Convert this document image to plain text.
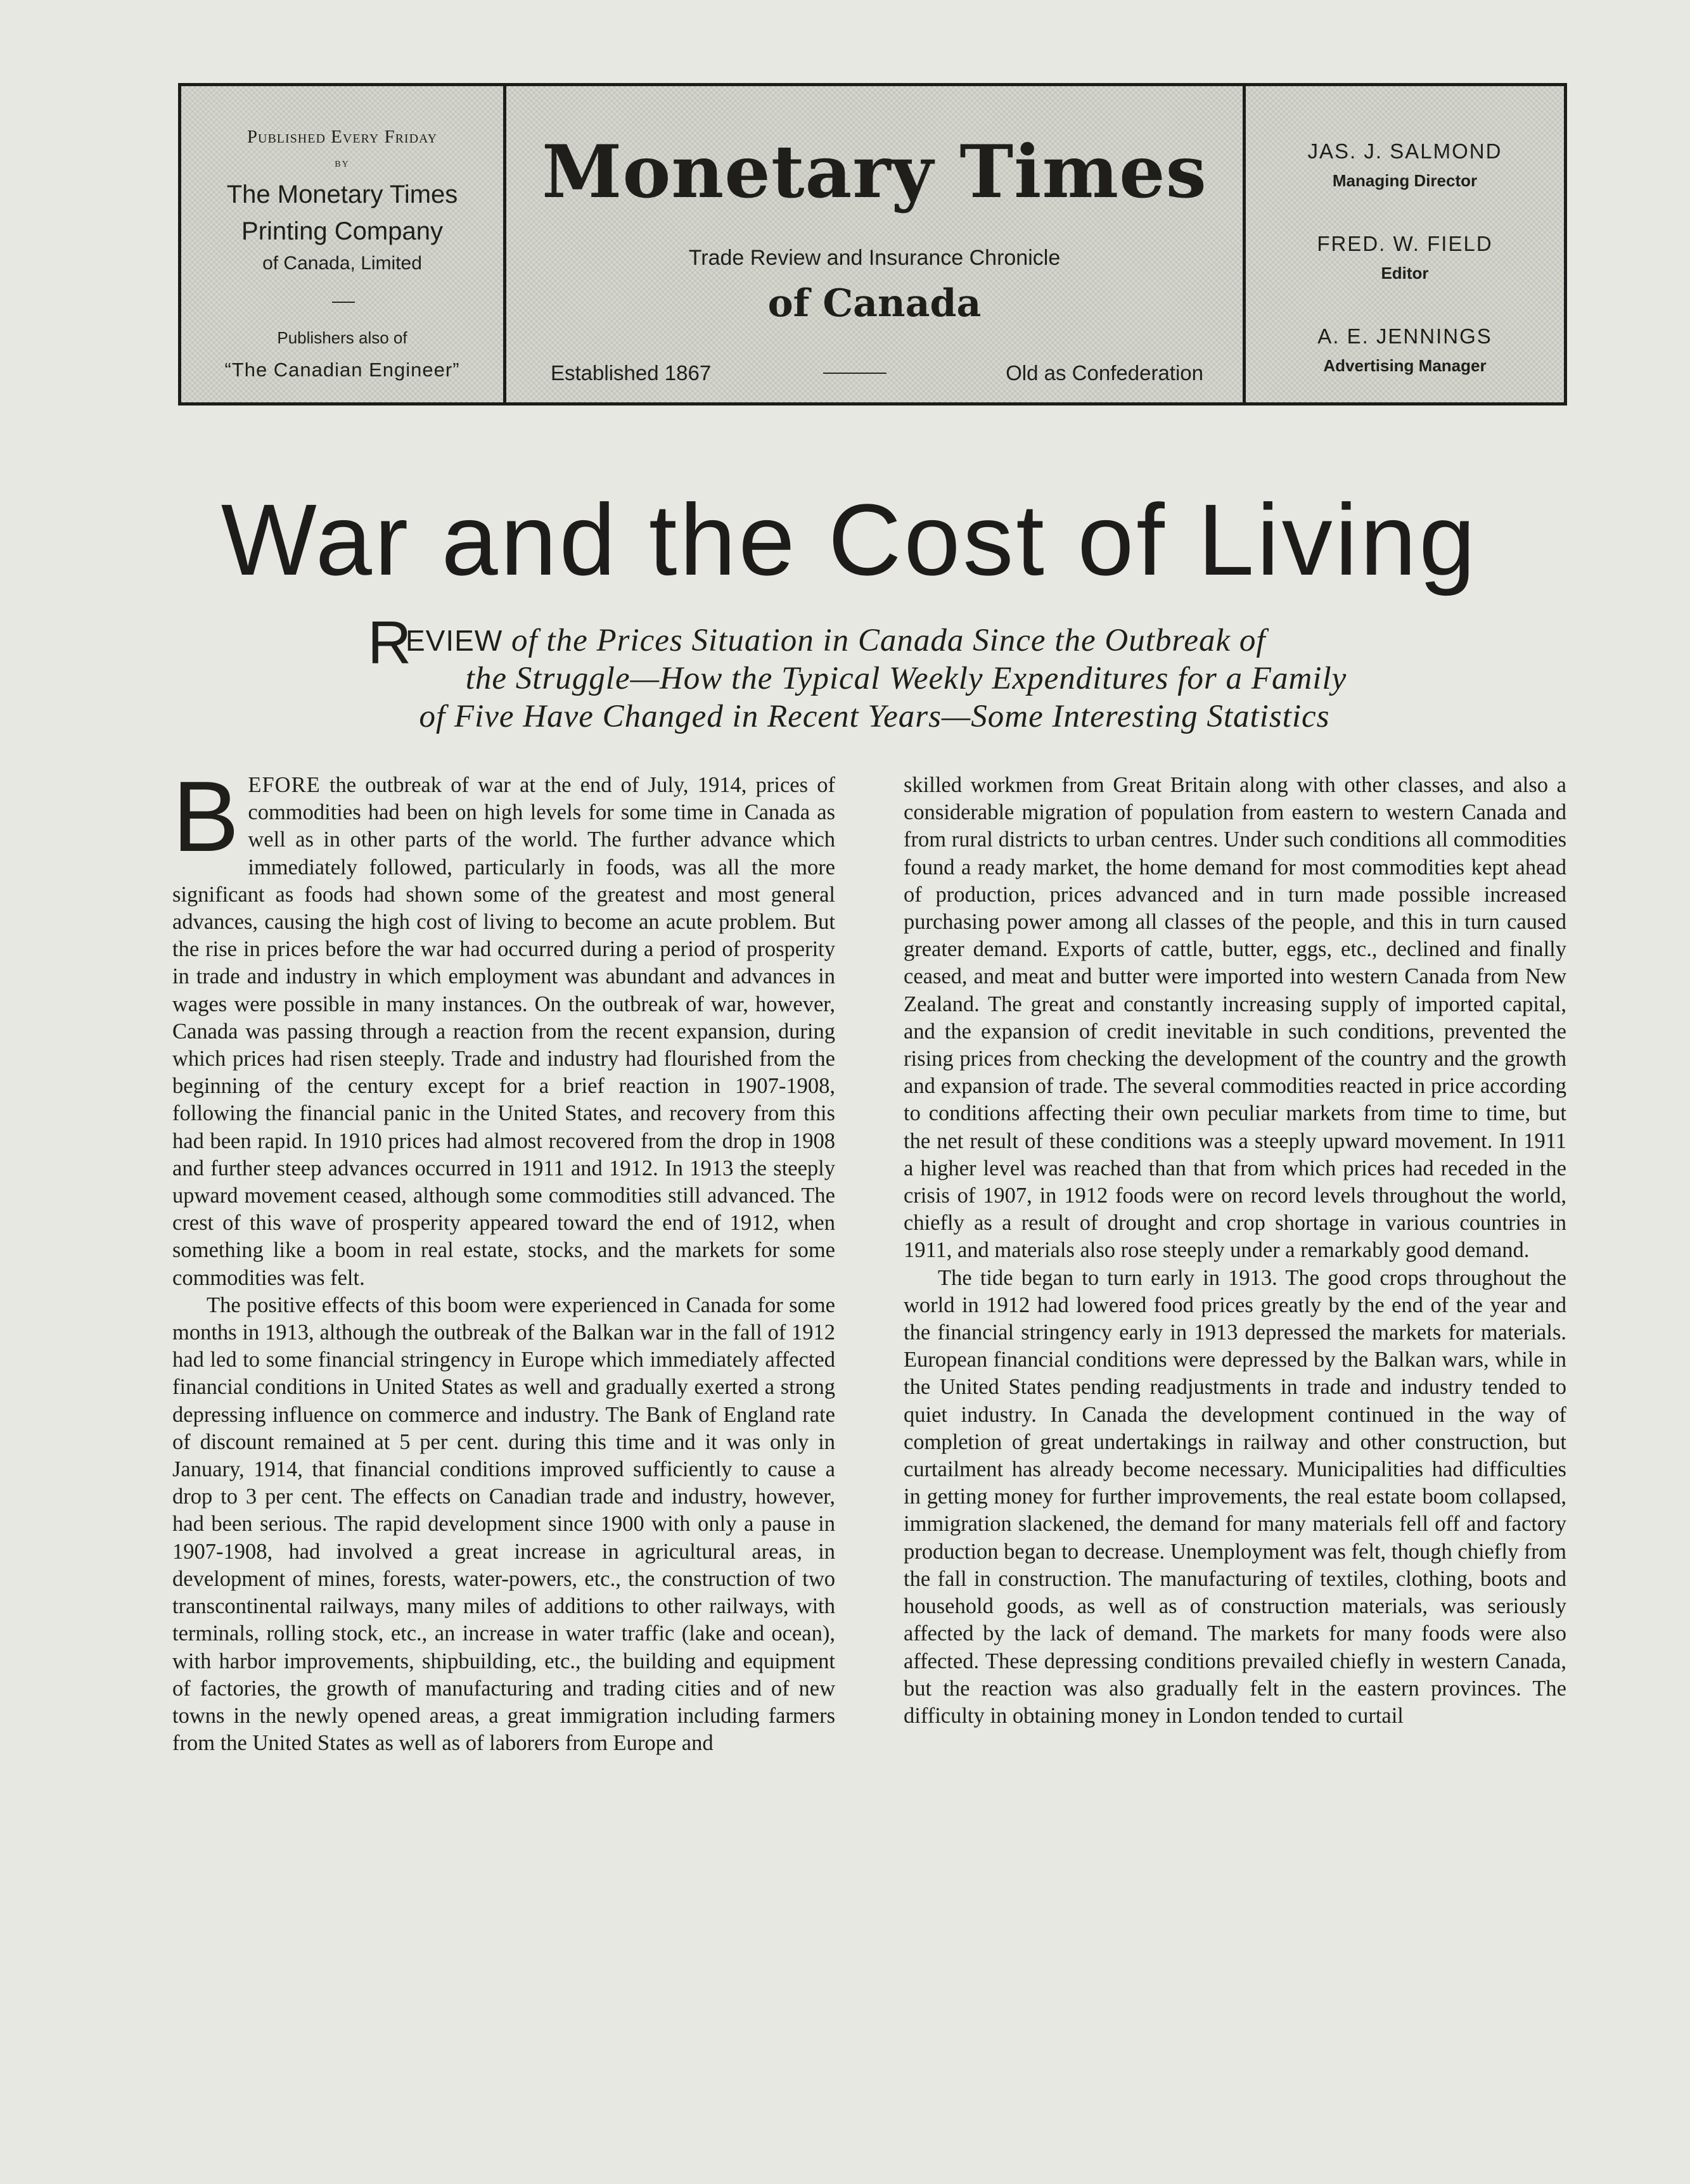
Published Every Friday
by
The Monetary Times
Printing Company
of Canada, Limited
Publishers also of
“The Canadian Engineer”
Monetary Times
Trade Review and Insurance Chronicle
of Canada
Established 1867	Old as Confederation
JAS. J. SALMOND
Managing Director
FRED. W. FIELD
Editor
A. E. JENNINGS
Advertising Manager
War and the Cost of Living
R
EVIEW of the Prices Situation in Canada Since the Outbreak of
the Struggle—How the Typical Weekly Expenditures for a Family
of Five Have Changed in Recent Years—Some Interesting Statistics

B EFORE the outbreak of war at the end of July, 1914, prices of commodities had been on high levels for some time in Canada as well as in other parts of the world. The further advance which immediately followed, particularly in foods, was all the more significant as foods had shown some of the greatest and most general advances, causing the high cost of living to become an acute problem. But the rise in prices before the war had occurred during a period of prosperity in trade and industry in which employment was abundant and advances in wages were possible in many instances. On the outbreak of war, however, Canada was passing through a reaction from the recent expansion, during which prices had risen steeply. Trade and industry had flourished from the beginning of the century except for a brief reaction in 1907-1908, following the financial panic in the United States, and recovery from this had been rapid. In 1910 prices had almost recovered from the drop in 1908 and further steep advances occurred in 1911 and 1912. In 1913 the steeply upward movement ceased, although some commodities still advanced. The crest of this wave of prosperity appeared toward the end of 1912, when something like a boom in real estate, stocks, and the markets for some commodities was felt.

The positive effects of this boom were experienced in Canada for some months in 1913, although the outbreak of the Balkan war in the fall of 1912 had led to some financial stringency in Europe which immediately affected financial conditions in United States as well and gradually exerted a strong depressing influence on commerce and industry. The Bank of England rate of discount remained at 5 per cent. during this time and it was only in January, 1914, that financial conditions improved sufficiently to cause a drop to 3 per cent. The effects on Canadian trade and industry, however, had been serious. The rapid development since 1900 with only a pause in 1907-1908, had involved a great increase in agricultural areas, in development of mines, forests, water-powers, etc., the construction of two transcontinental railways, many miles of additions to other railways, with terminals, rolling stock, etc., an increase in water traffic (lake and ocean), with harbor improvements, shipbuilding, etc., the building and equipment of factories, the growth of manufacturing and trading cities and of new towns in the newly opened areas, a great immigration including farmers from the United States as well as of laborers from Europe and

skilled workmen from Great Britain along with other classes, and also a considerable migration of population from eastern to western Canada and from rural districts to urban centres. Under such conditions all commodities found a ready market, the home demand for most commodities kept ahead of production, prices advanced and in turn made possible increased purchasing power among all classes of the people, and this in turn caused greater demand. Exports of cattle, butter, eggs, etc., declined and finally ceased, and meat and butter were imported into western Canada from New Zealand. The great and constantly increasing supply of imported capital, and the expansion of credit inevitable in such conditions, prevented the rising prices from checking the development of the country and the growth and expansion of trade. The several commodities reacted in price according to conditions affecting their own peculiar markets from time to time, but the net result of these conditions was a steeply upward movement. In 1911 a higher level was reached than that from which prices had receded in the crisis of 1907, in 1912 foods were on record levels throughout the world, chiefly as a result of drought and crop shortage in various countries in 1911, and materials also rose steeply under a remarkably good demand.

The tide began to turn early in 1913. The good crops throughout the world in 1912 had lowered food prices greatly by the end of the year and the financial stringency early in 1913 depressed the markets for materials. European financial conditions were depressed by the Balkan wars, while in the United States pending readjustments in trade and industry tended to quiet industry. In Canada the development continued in the way of completion of great undertakings in railway and other construction, but curtailment has already become necessary. Municipalities had difficulties in getting money for further improvements, the real estate boom collapsed, immigration slackened, the demand for many materials fell off and factory production began to decrease. Unemployment was felt, though chiefly from the fall in construction. The manufacturing of textiles, clothing, boots and household goods, as well as of construction materials, was seriously affected by the lack of demand. The markets for many foods were also affected. These depressing conditions prevailed chiefly in western Canada, but the reaction was also gradually felt in the eastern provinces. The difficulty in obtaining money in London tended to curtail
